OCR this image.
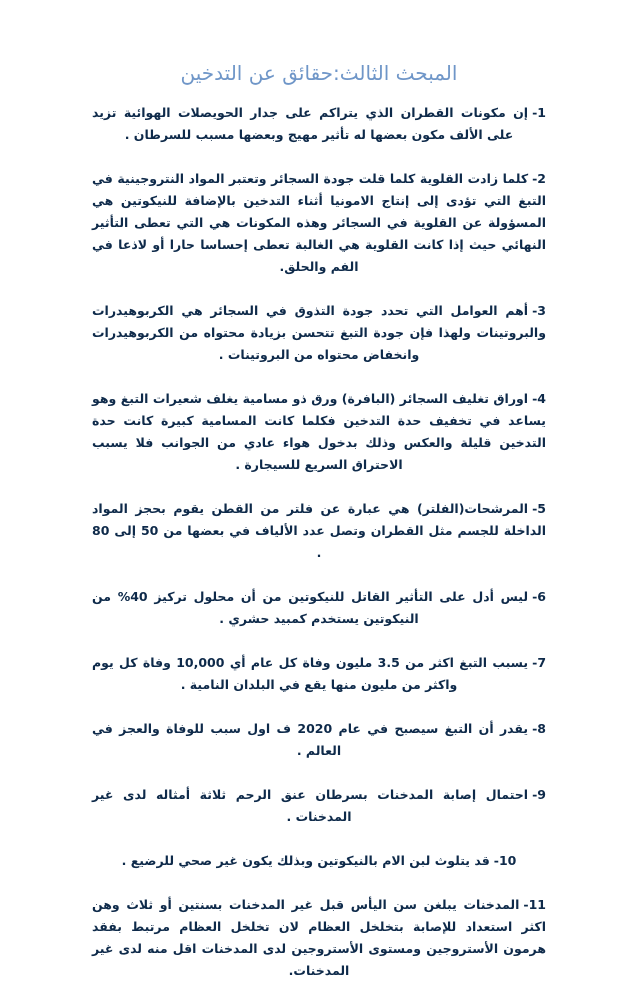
المبحث الثالث:حقائق عن التدخين

1-إن مكونات القطران الذي يتراكم على جدار الحويصلات الهوائية تزيد على الألف مكون بعضها له تأثير مهيج وبعضها مسبب للسرطان .

2-كلما زادت القلوية كلما قلت جودة السجائر وتعتبر المواد النتروجينية في التبغ التي تؤدى إلى إنتاج الامونيا أثناء التدخين بالإضافة للنيكوتين هي المسؤولة عن القلوية في السجائر وهذه المكونات هي التي تعطى التأثير النهائي حيث إذا كانت القلوية هي الغالبة تعطى إحساسا حارا أو لاذعا في الفم والحلق.

3-أهم العوامل التي تحدد جودة التذوق في السجائر هي الكربوهيدرات والبروتينات ولهذا فإن جودة التبغ تتحسن بزيادة محتواه من الكربوهيدرات وانخفاض محتواه من البروتينات .

4-اوراق تغليف السجائر (البافرة) ورق ذو مسامية يغلف شعيرات التبغ وهو يساعد في تخفيف حدة التدخين فكلما كانت المسامية كبيرة كانت حدة التدخين قليلة والعكس وذلك بدخول هواء عادي من الجوانب فلا يسبب الاحتراق السريع للسيجارة .

5-المرشحات(الفلتر) هي عبارة عن فلتر من القطن يقوم بحجز المواد الداخلة للجسم مثل القطران وتصل عدد الألياف في بعضها من 50 إلى 80 .

6-ليس أدل على التأثير القاتل للنيكوتين من أن محلول تركيز 40% من النيكوتين يستخدم كمبيد حشري .

7-يسبب التبغ اكثر من 3.5 مليون وفاة كل عام أي 10,000 وفاة كل يوم واكثر من مليون منها يقع في البلدان النامية .

8-يقدر أن التبغ سيصبح في عام 2020 ف اول سبب للوفاة والعجز في العالم .

9-احتمال إصابة المدخنات بسرطان عنق الرحم ثلاثة أمثاله لدى غير المدخنات .

10-قد يتلوث لبن الام بالنيكوتين وبذلك يكون غير صحي للرضيع .

11-المدخنات يبلغن سن اليأس قبل غير المدخنات بسنتين أو ثلاث وهن اكثر استعداد للإصابة بتخلخل العظام لان تخلخل العظام مرتبط بفقد هرمون الأستروجين ومستوى الأستروجين لدى المدخنات اقل منه لدى غير المدخنات.
